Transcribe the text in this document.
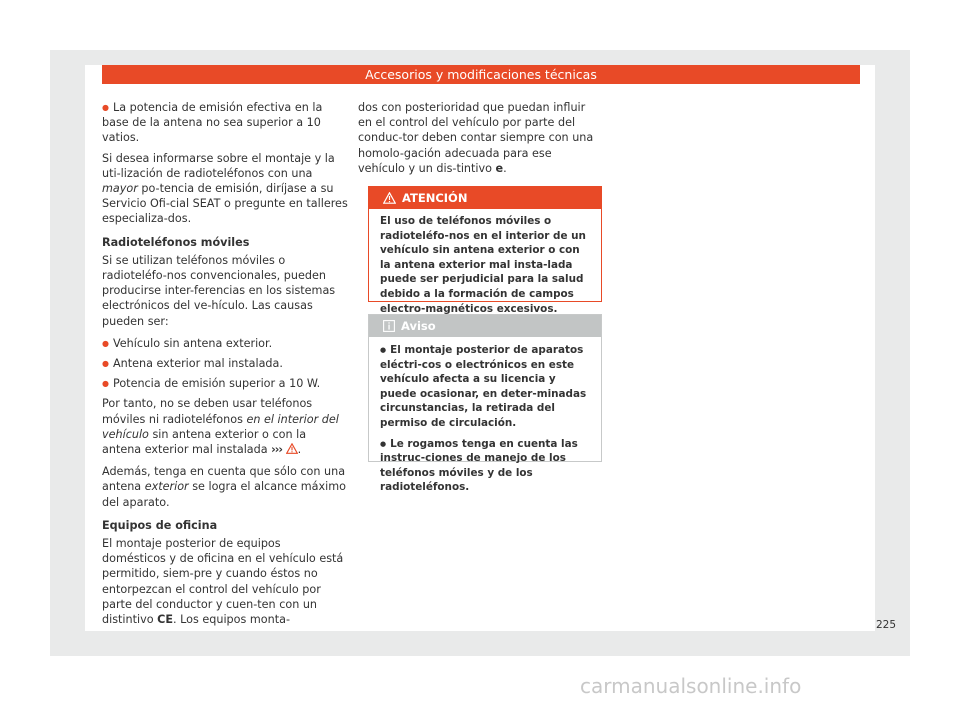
Accesorios y modificaciones técnicas

● La potencia de emisión efectiva en la base de la antena no sea superior a 10 vatios.

Si desea informarse sobre el montaje y la uti-lización de radioteléfonos con una mayor po-tencia de emisión, diríjase a su Servicio Ofi-cial SEAT o pregunte en talleres especializa-dos.

Radioteléfonos móviles

Si se utilizan teléfonos móviles o radioteléfo-nos convencionales, pueden producirse inter-ferencias en los sistemas electrónicos del ve-hículo. Las causas pueden ser:

● Vehículo sin antena exterior.

● Antena exterior mal instalada.

● Potencia de emisión superior a 10 W.

Por tanto, no se deben usar teléfonos móviles ni radioteléfonos en el interior del vehículo sin antena exterior o con la antena exterior mal instalada ››› .

Además, tenga en cuenta que sólo con una antena exterior se logra el alcance máximo del aparato.

Equipos de oficina

El montaje posterior de equipos domésticos y de oficina en el vehículo está permitido, siem-pre y cuando éstos no entorpezcan el control del vehículo por parte del conductor y cuen-ten con un distintivo CE. Los equipos monta-

dos con posterioridad que puedan influir en el control del vehículo por parte del conduc-tor deben contar siempre con una homolo-gación adecuada para ese vehículo y un dis-tintivo e.

ATENCIÓN
El uso de teléfonos móviles o radioteléfo-nos en el interior de un vehículo sin antena exterior o con la antena exterior mal insta-lada puede ser perjudicial para la salud debido a la formación de campos electro-magnéticos excesivos.
Aviso
● El montaje posterior de aparatos eléctri-cos o electrónicos en este vehículo afecta a su licencia y puede ocasionar, en deter-minadas circunstancias, la retirada del permiso de circulación.
● Le rogamos tenga en cuenta las instruc-ciones de manejo de los teléfonos móviles y de los radioteléfonos.
225
carmanualsonline.info
